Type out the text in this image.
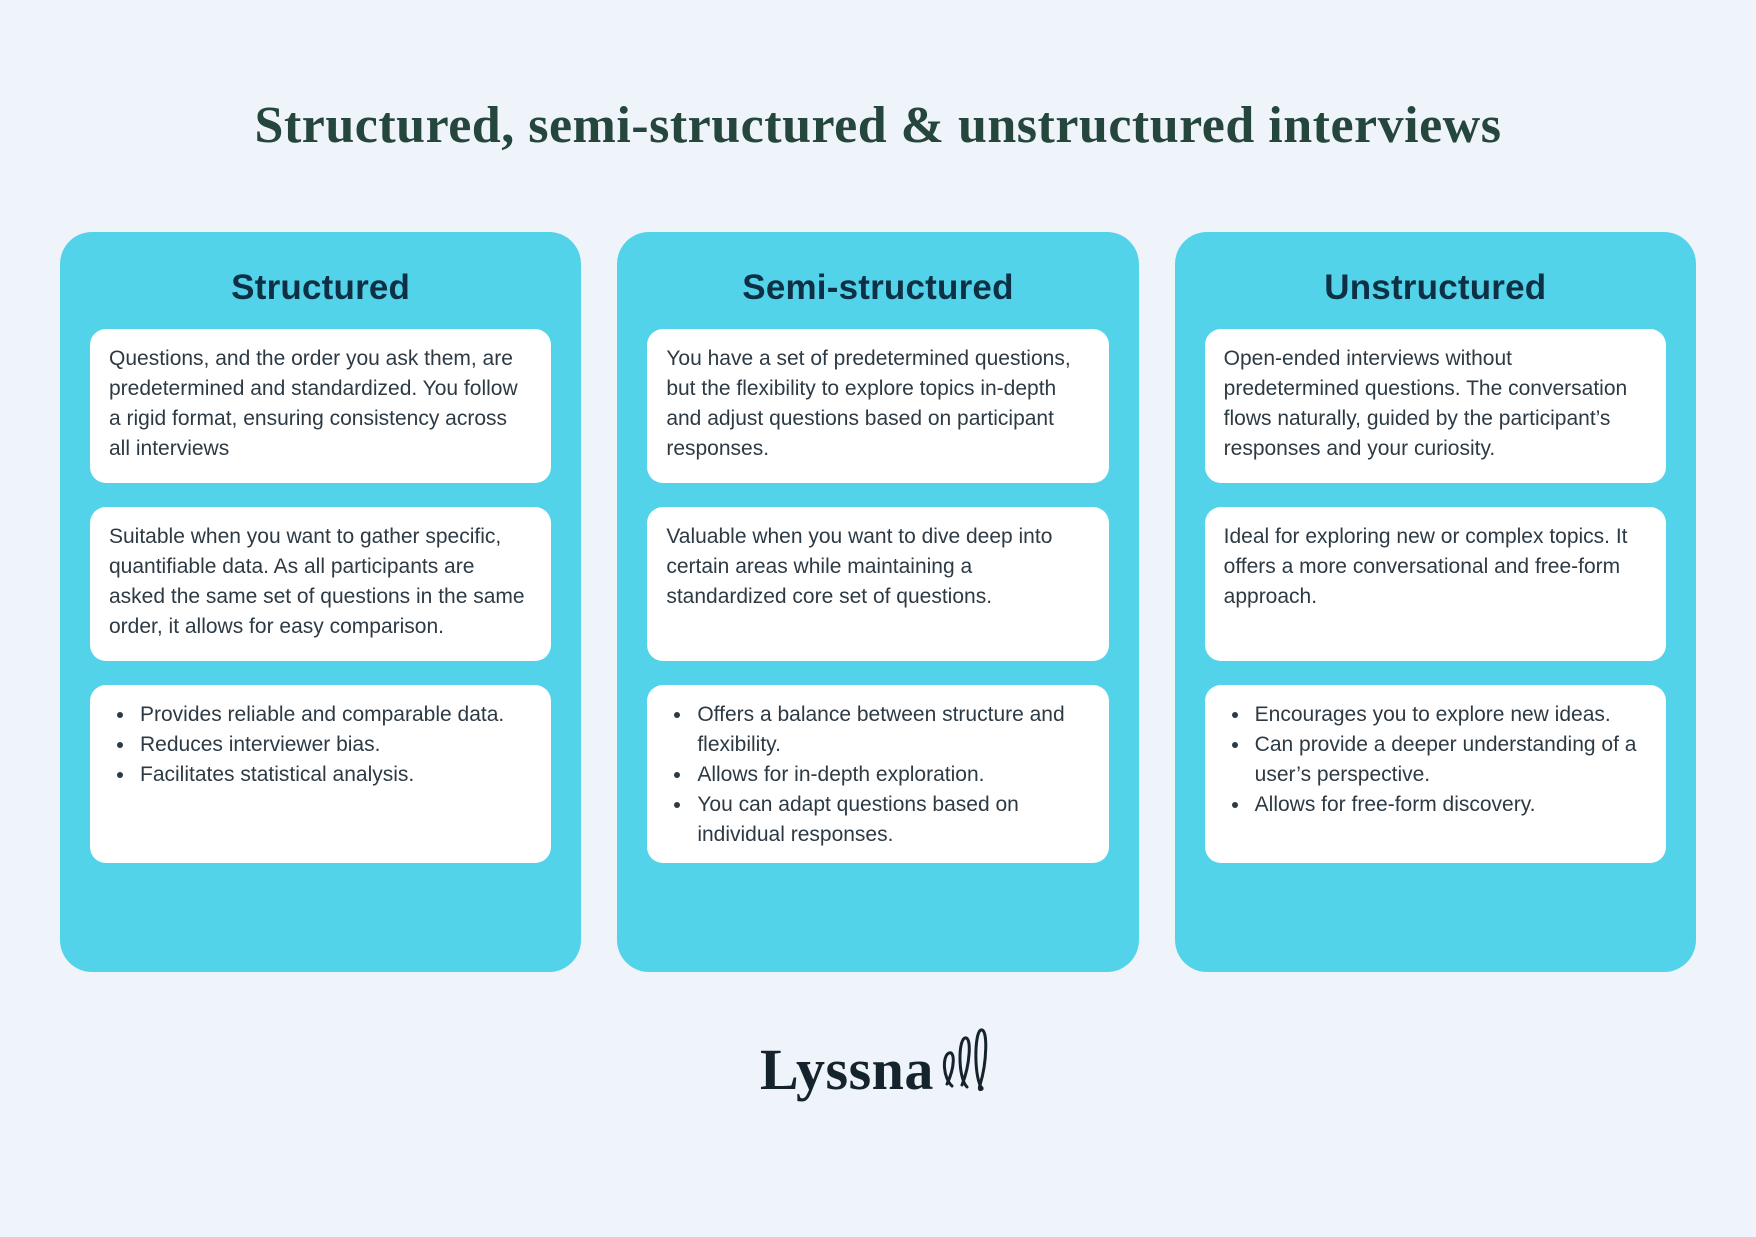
Structured, semi-structured & unstructured interviews
Structured

Questions, and the order you ask them, are predetermined and standardized. You follow a rigid format, ensuring consistency across all interviews

Suitable when you want to gather specific, quantifiable data. As all participants are asked the same set of questions in the same order, it allows for easy comparison.

• Provides reliable and comparable data.
• Reduces interviewer bias.
• Facilitates statistical analysis.
Semi-structured

You have a set of predetermined questions, but the flexibility to explore topics in-depth and adjust questions based on participant responses.

Valuable when you want to dive deep into certain areas while maintaining a standardized core set of questions.

• Offers a balance between structure and flexibility.
• Allows for in-depth exploration.
• You can adapt questions based on individual responses.
Unstructured

Open-ended interviews without predetermined questions. The conversation flows naturally, guided by the participant’s responses and your curiosity.

Ideal for exploring new or complex topics. It offers a more conversational and free-form approach.

• Encourages you to explore new ideas.
• Can provide a deeper understanding of a user’s perspective.
• Allows for free-form discovery.
Lyssna
